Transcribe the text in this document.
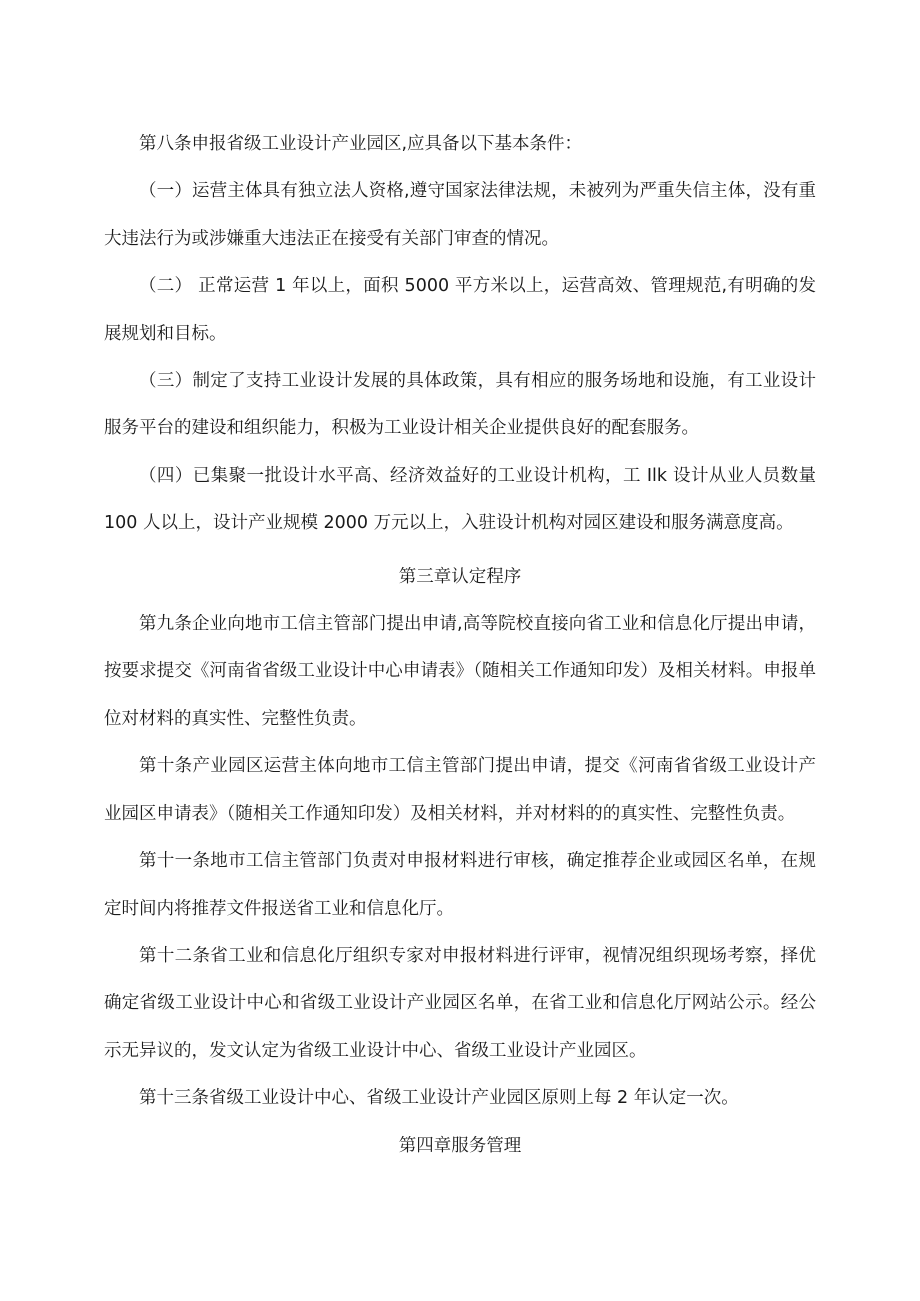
第八条申报省级工业设计产业园区,应具备以下基本条件：

（一）运营主体具有独立法人资格,遵守国家法律法规，未被列为严重失信主体，没有重大违法行为或涉嫌重大违法正在接受有关部门审查的情况。

（二） 正常运营 1 年以上，面积 5000 平方米以上，运营高效、管理规范,有明确的发展规划和目标。

（三）制定了支持工业设计发展的具体政策，具有相应的服务场地和设施，有工业设计服务平台的建设和组织能力，积极为工业设计相关企业提供良好的配套服务。

（四）已集聚一批设计水平高、经济效益好的工业设计机构，工 Ilk 设计从业人员数量 100 人以上，设计产业规模 2000 万元以上，入驻设计机构对园区建设和服务满意度高。

第三章认定程序

第九条企业向地市工信主管部门提出申请,高等院校直接向省工业和信息化厅提出申请，按要求提交《河南省省级工业设计中心申请表》（随相关工作通知印发）及相关材料。申报单位对材料的真实性、完整性负责。

第十条产业园区运营主体向地市工信主管部门提出申请，提交《河南省省级工业设计产业园区申请表》（随相关工作通知印发）及相关材料，并对材料的的真实性、完整性负责。

第十一条地市工信主管部门负责对申报材料进行审核，确定推荐企业或园区名单，在规定时间内将推荐文件报送省工业和信息化厅。

第十二条省工业和信息化厅组织专家对申报材料进行评审，视情况组织现场考察，择优确定省级工业设计中心和省级工业设计产业园区名单，在省工业和信息化厅网站公示。经公示无异议的，发文认定为省级工业设计中心、省级工业设计产业园区。

第十三条省级工业设计中心、省级工业设计产业园区原则上每 2 年认定一次。

第四章服务管理
